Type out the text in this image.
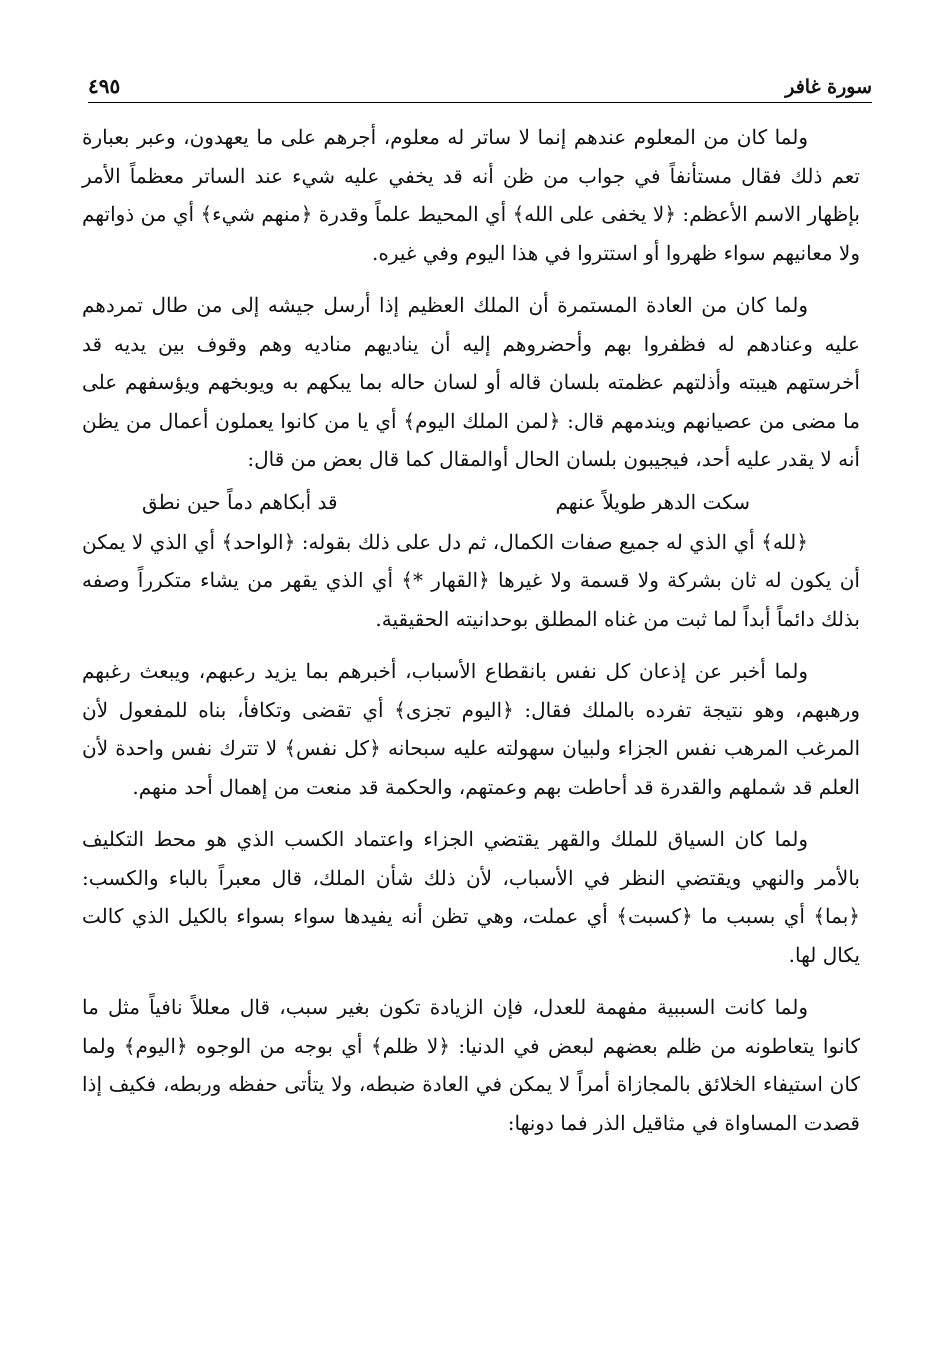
سورة غافر
٤٩٥

ولما كان من المعلوم عندهم إنما لا ساتر له معلوم، أجرهم على ما يعهدون، وعبر بعبارة تعم ذلك فقال مستأنفاً في جواب من ظن أنه قد يخفي عليه شيء عند الساتر معظماً الأمر بإظهار الاسم الأعظم: ﴿لا يخفى على الله﴾ أي المحيط علماً وقدرة ﴿منهم شيء﴾ أي من ذواتهم ولا معانيهم سواء ظهروا أو استتروا في هذا اليوم وفي غيره.

ولما كان من العادة المستمرة أن الملك العظيم إذا أرسل جيشه إلى من طال تمردهم عليه وعنادهم له فظفروا بهم وأحضروهم إليه أن يناديهم مناديه وهم وقوف بين يديه قد أخرستهم هيبته وأذلتهم عظمته بلسان قاله أو لسان حاله بما يبكهم به ويوبخهم ويؤسفهم على ما مضى من عصيانهم ويندمهم قال: ﴿لمن الملك اليوم﴾ أي يا من كانوا يعملون أعمال من يظن أنه لا يقدر عليه أحد، فيجيبون بلسان الحال أوالمقال كما قال بعض من قال:

سكت الدهر طويلاً عنهم
قد أبكاهم دماً حين نطق

﴿لله﴾ أي الذي له جميع صفات الكمال، ثم دل على ذلك بقوله: ﴿الواحد﴾ أي الذي لا يمكن أن يكون له ثان بشركة ولا قسمة ولا غيرها ﴿القهار *﴾ أي الذي يقهر من يشاء متكرراً وصفه بذلك دائماً أبداً لما ثبت من غناه المطلق بوحدانيته الحقيقية.

ولما أخبر عن إذعان كل نفس بانقطاع الأسباب، أخبرهم بما يزيد رعبهم، ويبعث رغبهم ورهبهم، وهو نتيجة تفرده بالملك فقال: ﴿اليوم تجزى﴾ أي تقضى وتكافأ، بناه للمفعول لأن المرغب المرهب نفس الجزاء ولبيان سهولته عليه سبحانه ﴿كل نفس﴾ لا تترك نفس واحدة لأن العلم قد شملهم والقدرة قد أحاطت بهم وعمتهم، والحكمة قد منعت من إهمال أحد منهم.

ولما كان السياق للملك والقهر يقتضي الجزاء واعتماد الكسب الذي هو محط التكليف بالأمر والنهي ويقتضي النظر في الأسباب، لأن ذلك شأن الملك، قال معبراً بالباء والكسب: ﴿بما﴾ أي بسبب ما ﴿كسبت﴾ أي عملت، وهي تظن أنه يفيدها سواء بسواء بالكيل الذي كالت يكال لها.

ولما كانت السببية مفهمة للعدل، فإن الزيادة تكون بغير سبب، قال معللاً نافياً مثل ما كانوا يتعاطونه من ظلم بعضهم لبعض في الدنيا: ﴿لا ظلم﴾ أي بوجه من الوجوه ﴿اليوم﴾ ولما كان استيفاء الخلائق بالمجازاة أمراً لا يمكن في العادة ضبطه، ولا يتأتى حفظه وربطه، فكيف إذا قصدت المساواة في مثاقيل الذر فما دونها:
